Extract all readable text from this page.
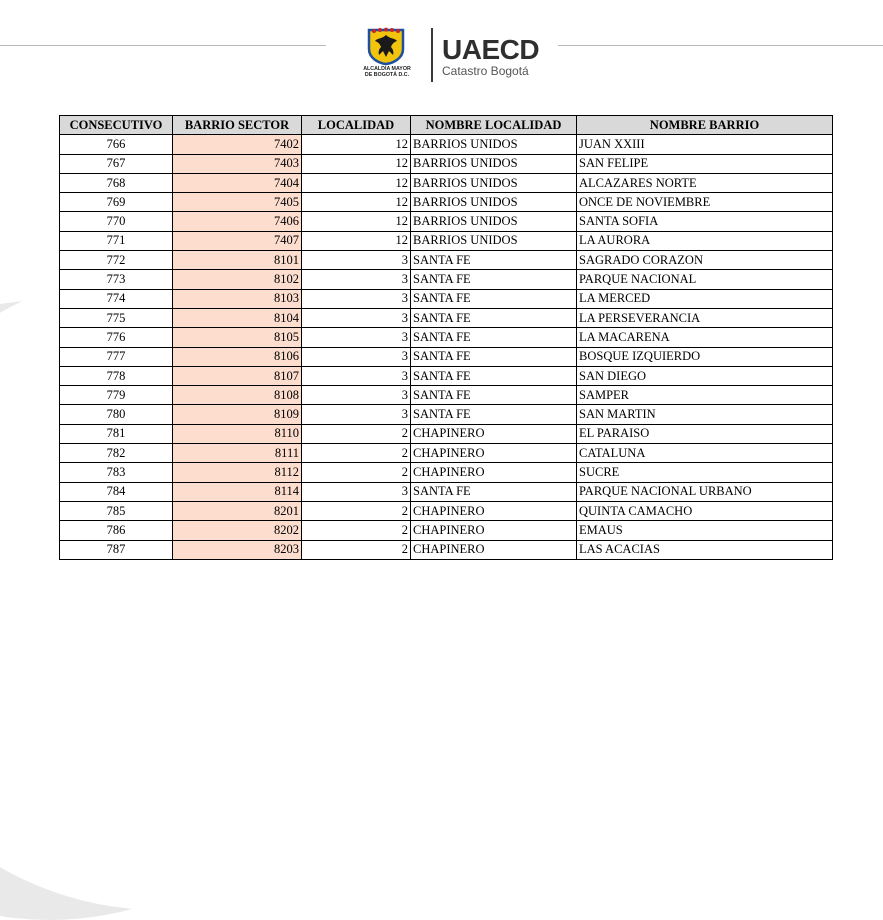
ALCALDÍA MAYOR
DE BOGOTÁ D.C.
UAECD
Catastro Bogotá
CONSECUTIVO	BARRIO SECTOR	LOCALIDAD	NOMBRE LOCALIDAD	NOMBRE BARRIO
766	7402	12	BARRIOS UNIDOS	JUAN XXIII
767	7403	12	BARRIOS UNIDOS	SAN FELIPE
768	7404	12	BARRIOS UNIDOS	ALCAZARES NORTE
769	7405	12	BARRIOS UNIDOS	ONCE DE NOVIEMBRE
770	7406	12	BARRIOS UNIDOS	SANTA SOFIA
771	7407	12	BARRIOS UNIDOS	LA AURORA
772	8101	3	SANTA FE	SAGRADO CORAZON
773	8102	3	SANTA FE	PARQUE NACIONAL
774	8103	3	SANTA FE	LA MERCED
775	8104	3	SANTA FE	LA PERSEVERANCIA
776	8105	3	SANTA FE	LA MACARENA
777	8106	3	SANTA FE	BOSQUE IZQUIERDO
778	8107	3	SANTA FE	SAN DIEGO
779	8108	3	SANTA FE	SAMPER
780	8109	3	SANTA FE	SAN MARTIN
781	8110	2	CHAPINERO	EL PARAISO
782	8111	2	CHAPINERO	CATALUNA
783	8112	2	CHAPINERO	SUCRE
784	8114	3	SANTA FE	PARQUE NACIONAL URBANO
785	8201	2	CHAPINERO	QUINTA CAMACHO
786	8202	2	CHAPINERO	EMAUS
787	8203	2	CHAPINERO	LAS ACACIAS
